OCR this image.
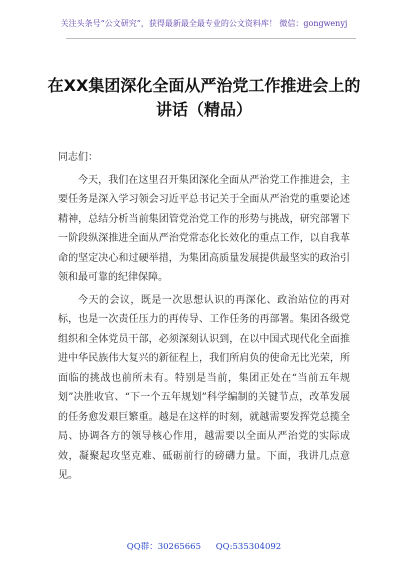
关注头条号“公文研究”，获得最新最全最专业的公文资料库！ 微信：gongwenyj
在XX集团深化全面从严治党工作推进会上的讲话（精品）

同志们：

今天，我们在这里召开集团深化全面从严治党工作推进会，主要任务是深入学习领会习近平总书记关于全面从严治党的重要论述精神，总结分析当前集团管党治党工作的形势与挑战，研究部署下一阶段纵深推进全面从严治党常态化长效化的重点工作，以自我革命的坚定决心和过硬举措，为集团高质量发展提供最坚实的政治引领和最可靠的纪律保障。

今天的会议，既是一次思想认识的再深化、政治站位的再对标，也是一次责任压力的再传导、工作任务的再部署。集团各级党组织和全体党员干部，必须深刻认识到，在以中国式现代化全面推进中华民族伟大复兴的新征程上，我们所肩负的使命无比光荣，所面临的挑战也前所未有。特别是当前，集团正处在“当前五年规划”决胜收官、“下一个五年规划”科学编制的关键节点，改革发展的任务愈发艰巨繁重。越是在这样的时刻，就越需要发挥党总揽全局、协调各方的领导核心作用，越需要以全面从严治党的实际成效，凝聚起攻坚克难、砥砺前行的磅礴力量。下面，我讲几点意见。

QQ群：30265665 QQ:535304092
